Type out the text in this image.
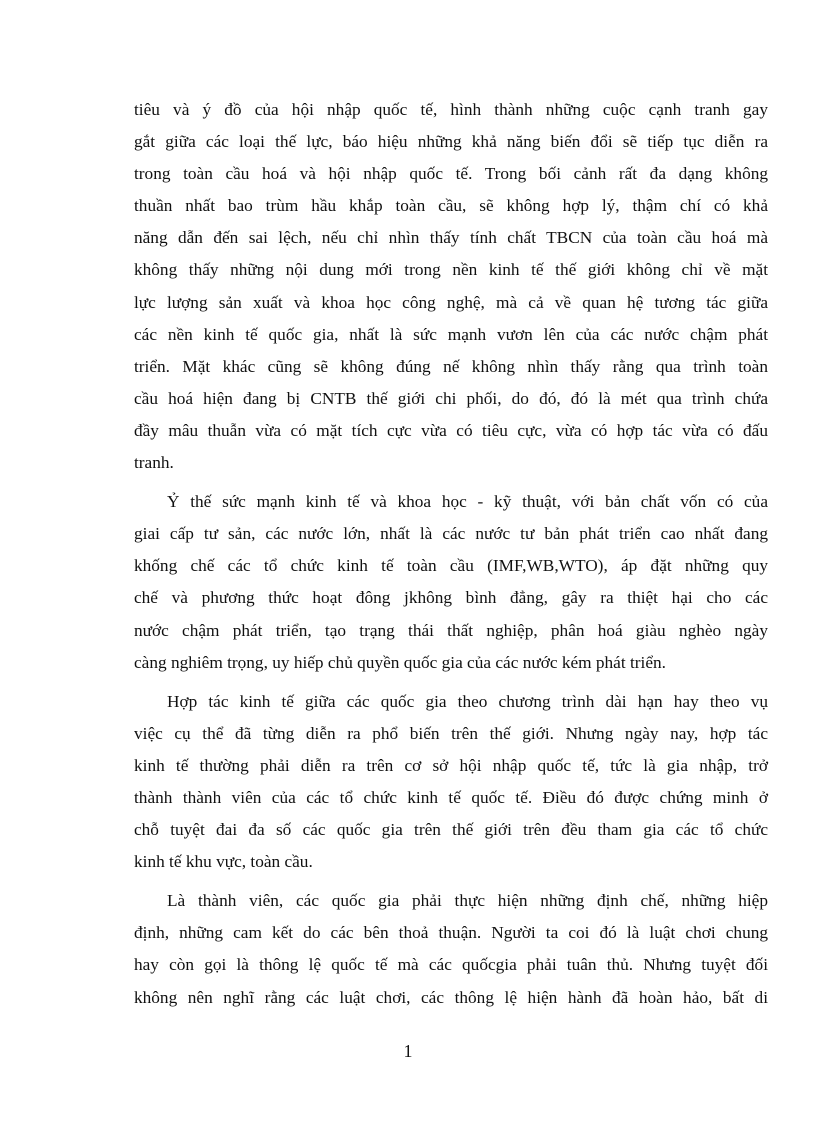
tiêu và ý đồ của hội nhập quốc tế, hình thành những cuộc cạnh tranh gay
gắt giữa các loại thế lực, báo hiệu những khả năng biến đổi sẽ tiếp tục diễn ra
trong toàn cầu hoá và hội nhập quốc tế. Trong bối cảnh rất đa dạng không
thuần nhất bao trùm hầu khắp toàn cầu, sẽ không hợp lý, thậm chí có khả
năng dẫn đến sai lệch, nếu chỉ nhìn thấy tính chất TBCN của toàn cầu hoá mà
không thấy những nội dung mới trong nền kinh tế thế giới không chỉ về mặt
lực lượng sản xuất và khoa học công nghệ, mà cả về quan hệ tương tác giữa
các nền kinh tế quốc gia, nhất là sức mạnh vươn lên của các nước chậm phát
triển. Mặt khác cũng sẽ không đúng nế không nhìn thấy rằng qua trình toàn
cầu hoá hiện đang bị CNTB thế giới chi phối, do đó, đó là mét qua trình chứa
đầy mâu thuẫn vừa có mặt tích cực vừa có tiêu cực, vừa có hợp tác vừa có đấu
tranh.
Ỷ thế sức mạnh kinh tế và khoa học - kỹ thuật, với bản chất vốn có của
giai cấp tư sản, các nước lớn, nhất là các nước tư bản phát triển cao nhất đang
khống chế các tổ chức kinh tế toàn cầu (IMF,WB,WTO), áp đặt những quy
chế và phương thức hoạt đông jkhông bình đẳng, gây ra thiệt hại cho các
nước chậm phát triển, tạo trạng thái thất nghiệp, phân hoá giàu nghèo ngày
càng nghiêm trọng, uy hiếp chủ quyền quốc gia của các nước kém phát triển.
Hợp tác kinh tế giữa các quốc gia theo chương trình dài hạn hay theo vụ
việc cụ thể đã từng diễn ra phổ biến trên thế giới. Nhưng ngày nay, hợp tác
kinh tế thường phải diễn ra trên cơ sở hội nhập quốc tế, tức là gia nhập, trở
thành thành viên của các tổ chức kinh tế quốc tế. Điều đó được chứng minh ở
chỗ tuyệt đai đa số các quốc gia trên thế giới trên đều tham gia các tổ chức
kinh tế khu vực, toàn cầu.
Là thành viên, các quốc gia phải thực hiện những định chế, những hiệp
định, những cam kết do các bên thoả thuận. Người ta coi đó là luật chơi chung
hay còn gọi là thông lệ quốc tế mà các quốcgia phải tuân thủ. Nhưng tuyệt đối
không nên nghĩ rằng các luật chơi, các thông lệ hiện hành đã hoàn hảo, bất di
1
